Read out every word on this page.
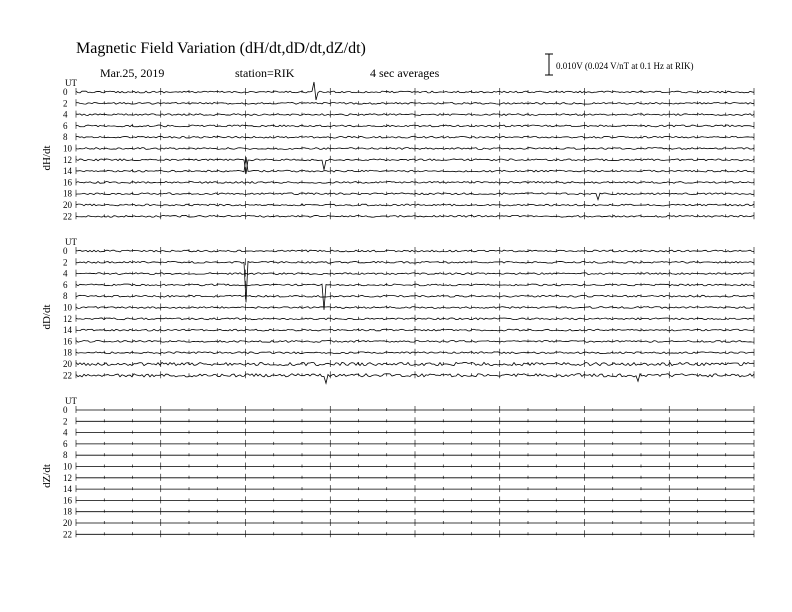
Magnetic Field Variation (dH/dt,dD/dt,dZ/dt)
Mar.25, 2019	station=RIK	4 sec averages	0.010V (0.024 V/nT at 0.1 Hz at RIK)
UT
dH/dt
0
2
4
6
8
10
12
14
16
18
20
22
UT
dD/dt
0
2
4
6
8
10
12
14
16
18
20
22
UT
dZ/dt
0
2
4
6
8
10
12
14
16
18
20
22
